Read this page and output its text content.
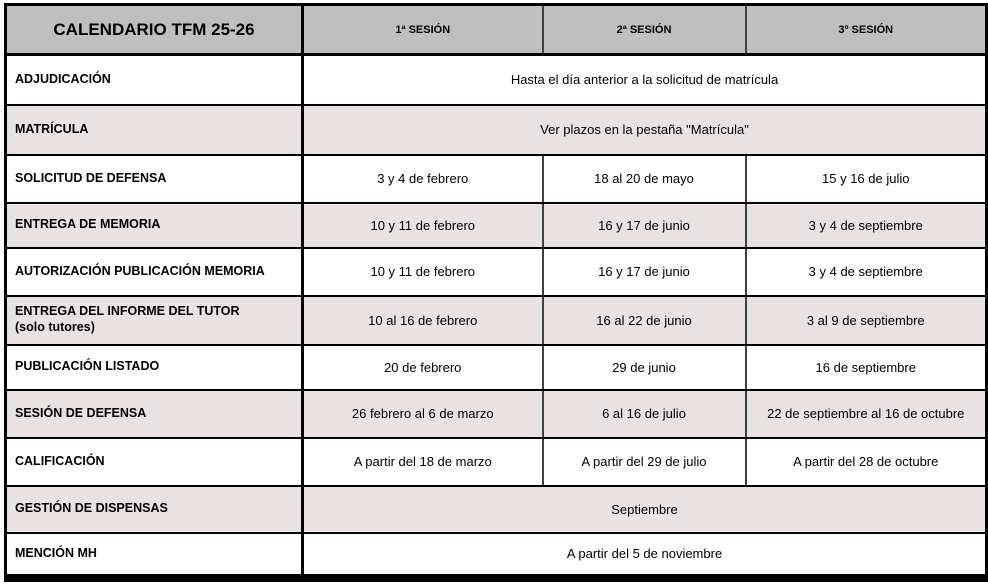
CALENDARIO TFM 25-26	1ª SESIÓN	2ª SESIÓN	3º SESIÓN
ADJUDICACIÓN	Hasta el día anterior a la solicitud de matrícula		
MATRÍCULA	Ver plazos en la pestaña "Matrícula"		
SOLICITUD DE DEFENSA	3 y 4 de febrero	18 al 20 de mayo	15 y 16 de julio
ENTREGA DE MEMORIA	10 y 11 de febrero	16 y 17 de junio	3 y 4 de septiembre
AUTORIZACIÓN PUBLICACIÓN MEMORIA	10 y 11 de febrero	16 y 17 de junio	3 y 4 de septiembre

ENTREGA DEL INFORME DEL TUTOR
(solo tutores)	10 al 16 de febrero	16 al 22 de junio	3 al 9 de septiembre
PUBLICACIÓN LISTADO	20 de febrero	29 de junio	16 de septiembre
SESIÓN DE DEFENSA	26 febrero al 6 de marzo	6 al 16 de julio	22 de septiembre al 16 de octubre
CALIFICACIÓN	A partir del 18 de marzo	A partir del 29 de julio	A partir del 28 de octubre
GESTIÓN DE DISPENSAS	Septiembre		
MENCIÓN MH	A partir del 5 de noviembre		
